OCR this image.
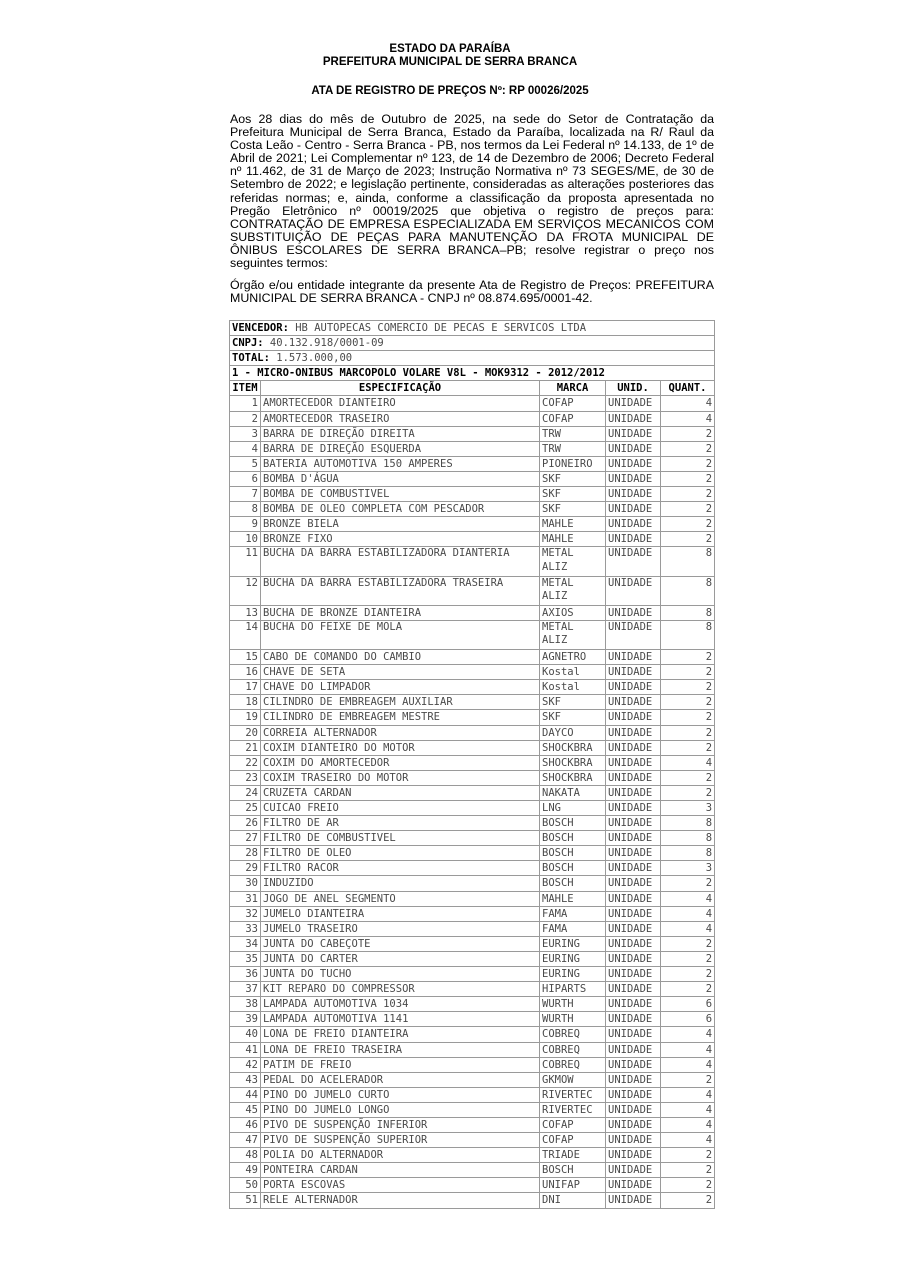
ESTADO DA PARAÍBA
PREFEITURA MUNICIPAL DE SERRA BRANCA
ATA DE REGISTRO DE PREÇOS Nº: RP 00026/2025

Aos 28 dias do mês de Outubro de 2025, na sede do Setor de Contratação da Prefeitura Municipal de Serra Branca, Estado da Paraíba, localizada na R/ Raul da Costa Leão - Centro - Serra Branca - PB, nos termos da Lei Federal nº 14.133, de 1º de Abril de 2021; Lei Complementar nº 123, de 14 de Dezembro de 2006; Decreto Federal nº 11.462, de 31 de Março de 2023; Instrução Normativa nº 73 SEGES/ME, de 30 de Setembro de 2022; e legislação pertinente, consideradas as alterações posteriores das referidas normas; e, ainda, conforme a classificação da proposta apresentada no Pregão Eletrônico nº 00019/2025 que objetiva o registro de preços para: CONTRATAÇÃO DE EMPRESA ESPECIALIZADA EM SERVIÇOS MECANICOS COM SUBSTITUIÇÃO DE PEÇAS PARA MANUTENÇÃO DA FROTA MUNICIPAL DE ÔNIBUS ESCOLARES DE SERRA BRANCA–PB; resolve registrar o preço nos seguintes termos:

Órgão e/ou entidade integrante da presente Ata de Registro de Preços: PREFEITURA MUNICIPAL DE SERRA BRANCA - CNPJ nº 08.874.695/0001-42.

VENCEDOR: HB AUTOPECAS COMERCIO DE PECAS E SERVICOS LTDA				
CNPJ: 40.132.918/0001-09				
TOTAL: 1.573.000,00				
1 - MICRO-ONIBUS MARCOPOLO VOLARE V8L - MOK9312 - 2012/2012				
ITEM	ESPECIFICAÇÃO	MARCA	UNID.	QUANT.
1	AMORTECEDOR DIANTEIRO	COFAP	UNIDADE	4
2	AMORTECEDOR TRASEIRO	COFAP	UNIDADE	4
3	BARRA DE DIREÇÃO DIREITA	TRW	UNIDADE	2
4	BARRA DE DIREÇÃO ESQUERDA	TRW	UNIDADE	2
5	BATERIA AUTOMOTIVA 150 AMPERES	PIONEIRO	UNIDADE	2
6	BOMBA D'ÁGUA	SKF	UNIDADE	2
7	BOMBA DE COMBUSTIVEL	SKF	UNIDADE	2
8	BOMBA DE OLEO COMPLETA COM PESCADOR	SKF	UNIDADE	2
9	BRONZE BIELA	MAHLE	UNIDADE	2
10	BRONZE FIXO	MAHLE	UNIDADE	2
11	BUCHA DA BARRA ESTABILIZADORA DIANTERIA	METAL ALIZ	UNIDADE	8
12	BUCHA DA BARRA ESTABILIZADORA TRASEIRA	METAL ALIZ	UNIDADE	8
13	BUCHA DE BRONZE DIANTEIRA	AXIOS	UNIDADE	8
14	BUCHA DO FEIXE DE MOLA	METAL ALIZ	UNIDADE	8
15	CABO DE COMANDO DO CAMBIO	AGNETRO	UNIDADE	2
16	CHAVE DE SETA	Kostal	UNIDADE	2
17	CHAVE DO LIMPADOR	Kostal	UNIDADE	2
18	CILINDRO DE EMBREAGEM AUXILIAR	SKF	UNIDADE	2
19	CILINDRO DE EMBREAGEM MESTRE	SKF	UNIDADE	2
20	CORREIA ALTERNADOR	DAYCO	UNIDADE	2
21	COXIM DIANTEIRO DO MOTOR	SHOCKBRA	UNIDADE	2
22	COXIM DO AMORTECEDOR	SHOCKBRA	UNIDADE	4
23	COXIM TRASEIRO DO MOTOR	SHOCKBRA	UNIDADE	2
24	CRUZETA CARDAN	NAKATA	UNIDADE	2
25	CUICAO FREIO	LNG	UNIDADE	3
26	FILTRO DE AR	BOSCH	UNIDADE	8
27	FILTRO DE COMBUSTIVEL	BOSCH	UNIDADE	8
28	FILTRO DE OLEO	BOSCH	UNIDADE	8
29	FILTRO RACOR	BOSCH	UNIDADE	3
30	INDUZIDO	BOSCH	UNIDADE	2
31	JOGO DE ANEL SEGMENTO	MAHLE	UNIDADE	4
32	JUMELO DIANTEIRA	FAMA	UNIDADE	4
33	JUMELO TRASEIRO	FAMA	UNIDADE	4
34	JUNTA DO CABEÇOTE	EURING	UNIDADE	2
35	JUNTA DO CARTER	EURING	UNIDADE	2
36	JUNTA DO TUCHO	EURING	UNIDADE	2
37	KIT REPARO DO COMPRESSOR	HIPARTS	UNIDADE	2
38	LAMPADA AUTOMOTIVA 1034	WURTH	UNIDADE	6
39	LAMPADA AUTOMOTIVA 1141	WURTH	UNIDADE	6
40	LONA DE FREIO DIANTEIRA	COBREQ	UNIDADE	4
41	LONA DE FREIO TRASEIRA	COBREQ	UNIDADE	4
42	PATIM DE FREIO	COBREQ	UNIDADE	4
43	PEDAL DO ACELERADOR	GKMOW	UNIDADE	2
44	PINO DO JUMELO CURTO	RIVERTEC	UNIDADE	4
45	PINO DO JUMELO LONGO	RIVERTEC	UNIDADE	4
46	PIVO DE SUSPENÇÃO INFERIOR	COFAP	UNIDADE	4
47	PIVO DE SUSPENÇÃO SUPERIOR	COFAP	UNIDADE	4
48	POLIA DO ALTERNADOR	TRIADE	UNIDADE	2
49	PONTEIRA CARDAN	BOSCH	UNIDADE	2
50	PORTA ESCOVAS	UNIFAP	UNIDADE	2
51	RELE ALTERNADOR	DNI	UNIDADE	2
